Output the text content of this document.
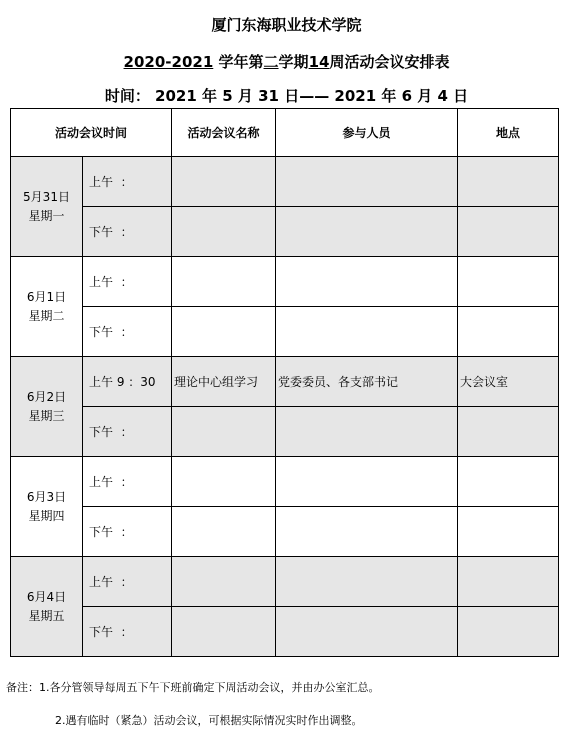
厦门东海职业技术学院
2020-2021 学年第二学期14周活动会议安排表
时间： 2021 年 5 月 31 日—— 2021 年 6 月 4 日
活动会议时间		活动会议名称	参与人员	地点
5月31日
星期一	上午  ：			
	下午  ：			
6月1日
星期二	上午  ：			
	下午  ：			
6月2日
星期三	上午 9 ：30	理论中心组学习	党委委员、各支部书记	大会议室
	下午  ：			
6月3日
星期四	上午  ：			
	下午  ：			
6月4日
星期五	上午  ：			
	下午  ：			
备注：1.各分管领导每周五下午下班前确定下周活动会议，并由办公室汇总。
2.遇有临时（紧急）活动会议，可根据实际情况实时作出调整。
